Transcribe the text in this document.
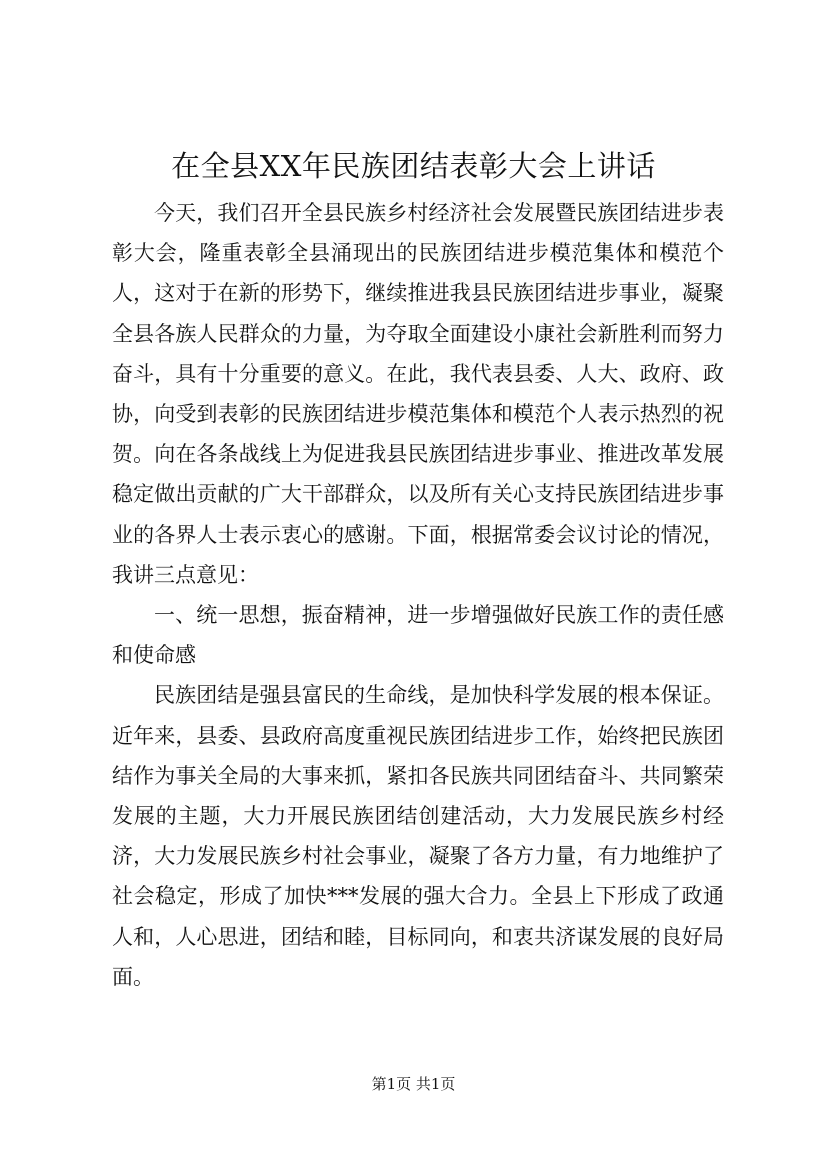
在全县XX年民族团结表彰大会上讲话

今天，我们召开全县民族乡村经济社会发展暨民族团结进步表彰大会，隆重表彰全县涌现出的民族团结进步模范集体和模范个人，这对于在新的形势下，继续推进我县民族团结进步事业，凝聚全县各族人民群众的力量，为夺取全面建设小康社会新胜利而努力奋斗，具有十分重要的意义。在此，我代表县委、人大、政府、政协，向受到表彰的民族团结进步模范集体和模范个人表示热烈的祝贺。向在各条战线上为促进我县民族团结进步事业、推进改革发展稳定做出贡献的广大干部群众，以及所有关心支持民族团结进步事业的各界人士表示衷心的感谢。下面，根据常委会议讨论的情况，我讲三点意见：

一、统一思想，振奋精神，进一步增强做好民族工作的责任感和使命感

民族团结是强县富民的生命线，是加快科学发展的根本保证。近年来，县委、县政府高度重视民族团结进步工作，始终把民族团结作为事关全局的大事来抓，紧扣各民族共同团结奋斗、共同繁荣发展的主题，大力开展民族团结创建活动，大力发展民族乡村经济，大力发展民族乡村社会事业，凝聚了各方力量，有力地维护了社会稳定，形成了加快***发展的强大合力。全县上下形成了政通人和，人心思进，团结和睦，目标同向，和衷共济谋发展的良好局面。

第1页 共1页
